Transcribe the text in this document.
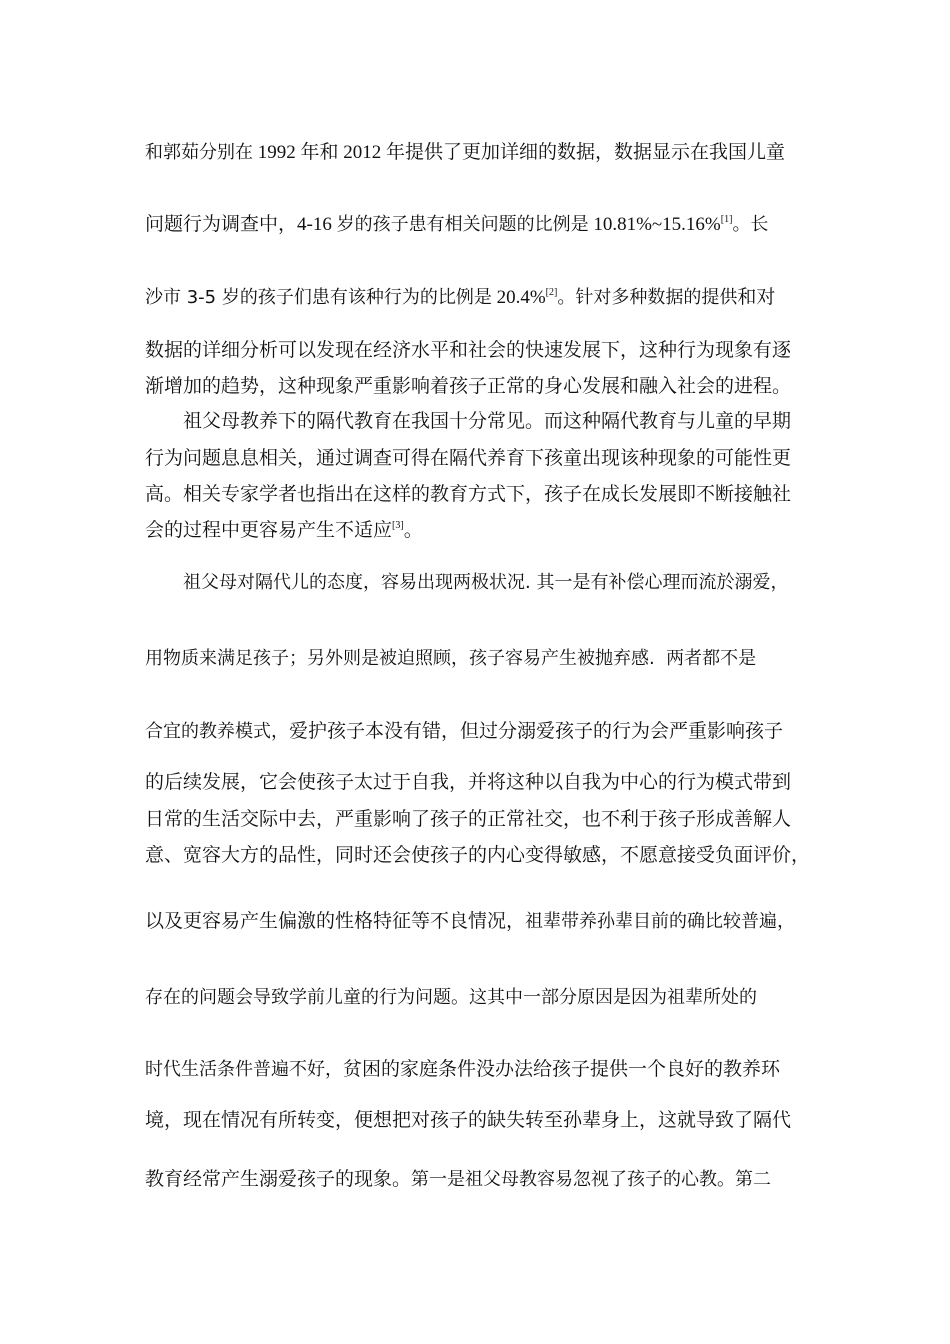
和郭茹分别在 1992 年和 2012 年提供了更加详细的数据，数据显示在我国儿童
问题行为调查中，4-16 岁的孩子患有相关问题的比例是 10.81%~15.16%[1]。长
沙市 3-5 岁的孩子们患有该种行为的比例是 20.4%[2]。针对多种数据的提供和对
数据的详细分析可以发现在经济水平和社会的快速发展下，这种行为现象有逐
渐增加的趋势，这种现象严重影响着孩子正常的身心发展和融入社会的进程。
祖父母教养下的隔代教育在我国十分常见。而这种隔代教育与儿童的早期
行为问题息息相关，通过调查可得在隔代养育下孩童出现该种现象的可能性更
高。相关专家学者也指出在这样的教育方式下，孩子在成长发展即不断接触社
会的过程中更容易产生不适应[3]。
祖父母对隔代儿的态度，容易出现两极状况. 其一是有补偿心理而流於溺爱，
用物质来满足孩子；另外则是被迫照顾，孩子容易产生被抛弃感.  两者都不是
合宜的教养模式，爱护孩子本没有错，但过分溺爱孩子的行为会严重影响孩子
的后续发展，它会使孩子太过于自我，并将这种以自我为中心的行为模式带到
日常的生活交际中去，严重影响了孩子的正常社交，也不利于孩子形成善解人
意、宽容大方的品性，同时还会使孩子的内心变得敏感，不愿意接受负面评价，
以及更容易产生偏激的性格特征等不良情况，祖辈带养孙辈目前的确比较普遍，
存在的问题会导致学前儿童的行为问题。这其中一部分原因是因为祖辈所处的
时代生活条件普遍不好，贫困的家庭条件没办法给孩子提供一个良好的教养环
境，现在情况有所转变，便想把对孩子的缺失转至孙辈身上，这就导致了隔代
教育经常产生溺爱孩子的现象。第一是祖父母教容易忽视了孩子的心教。第二
